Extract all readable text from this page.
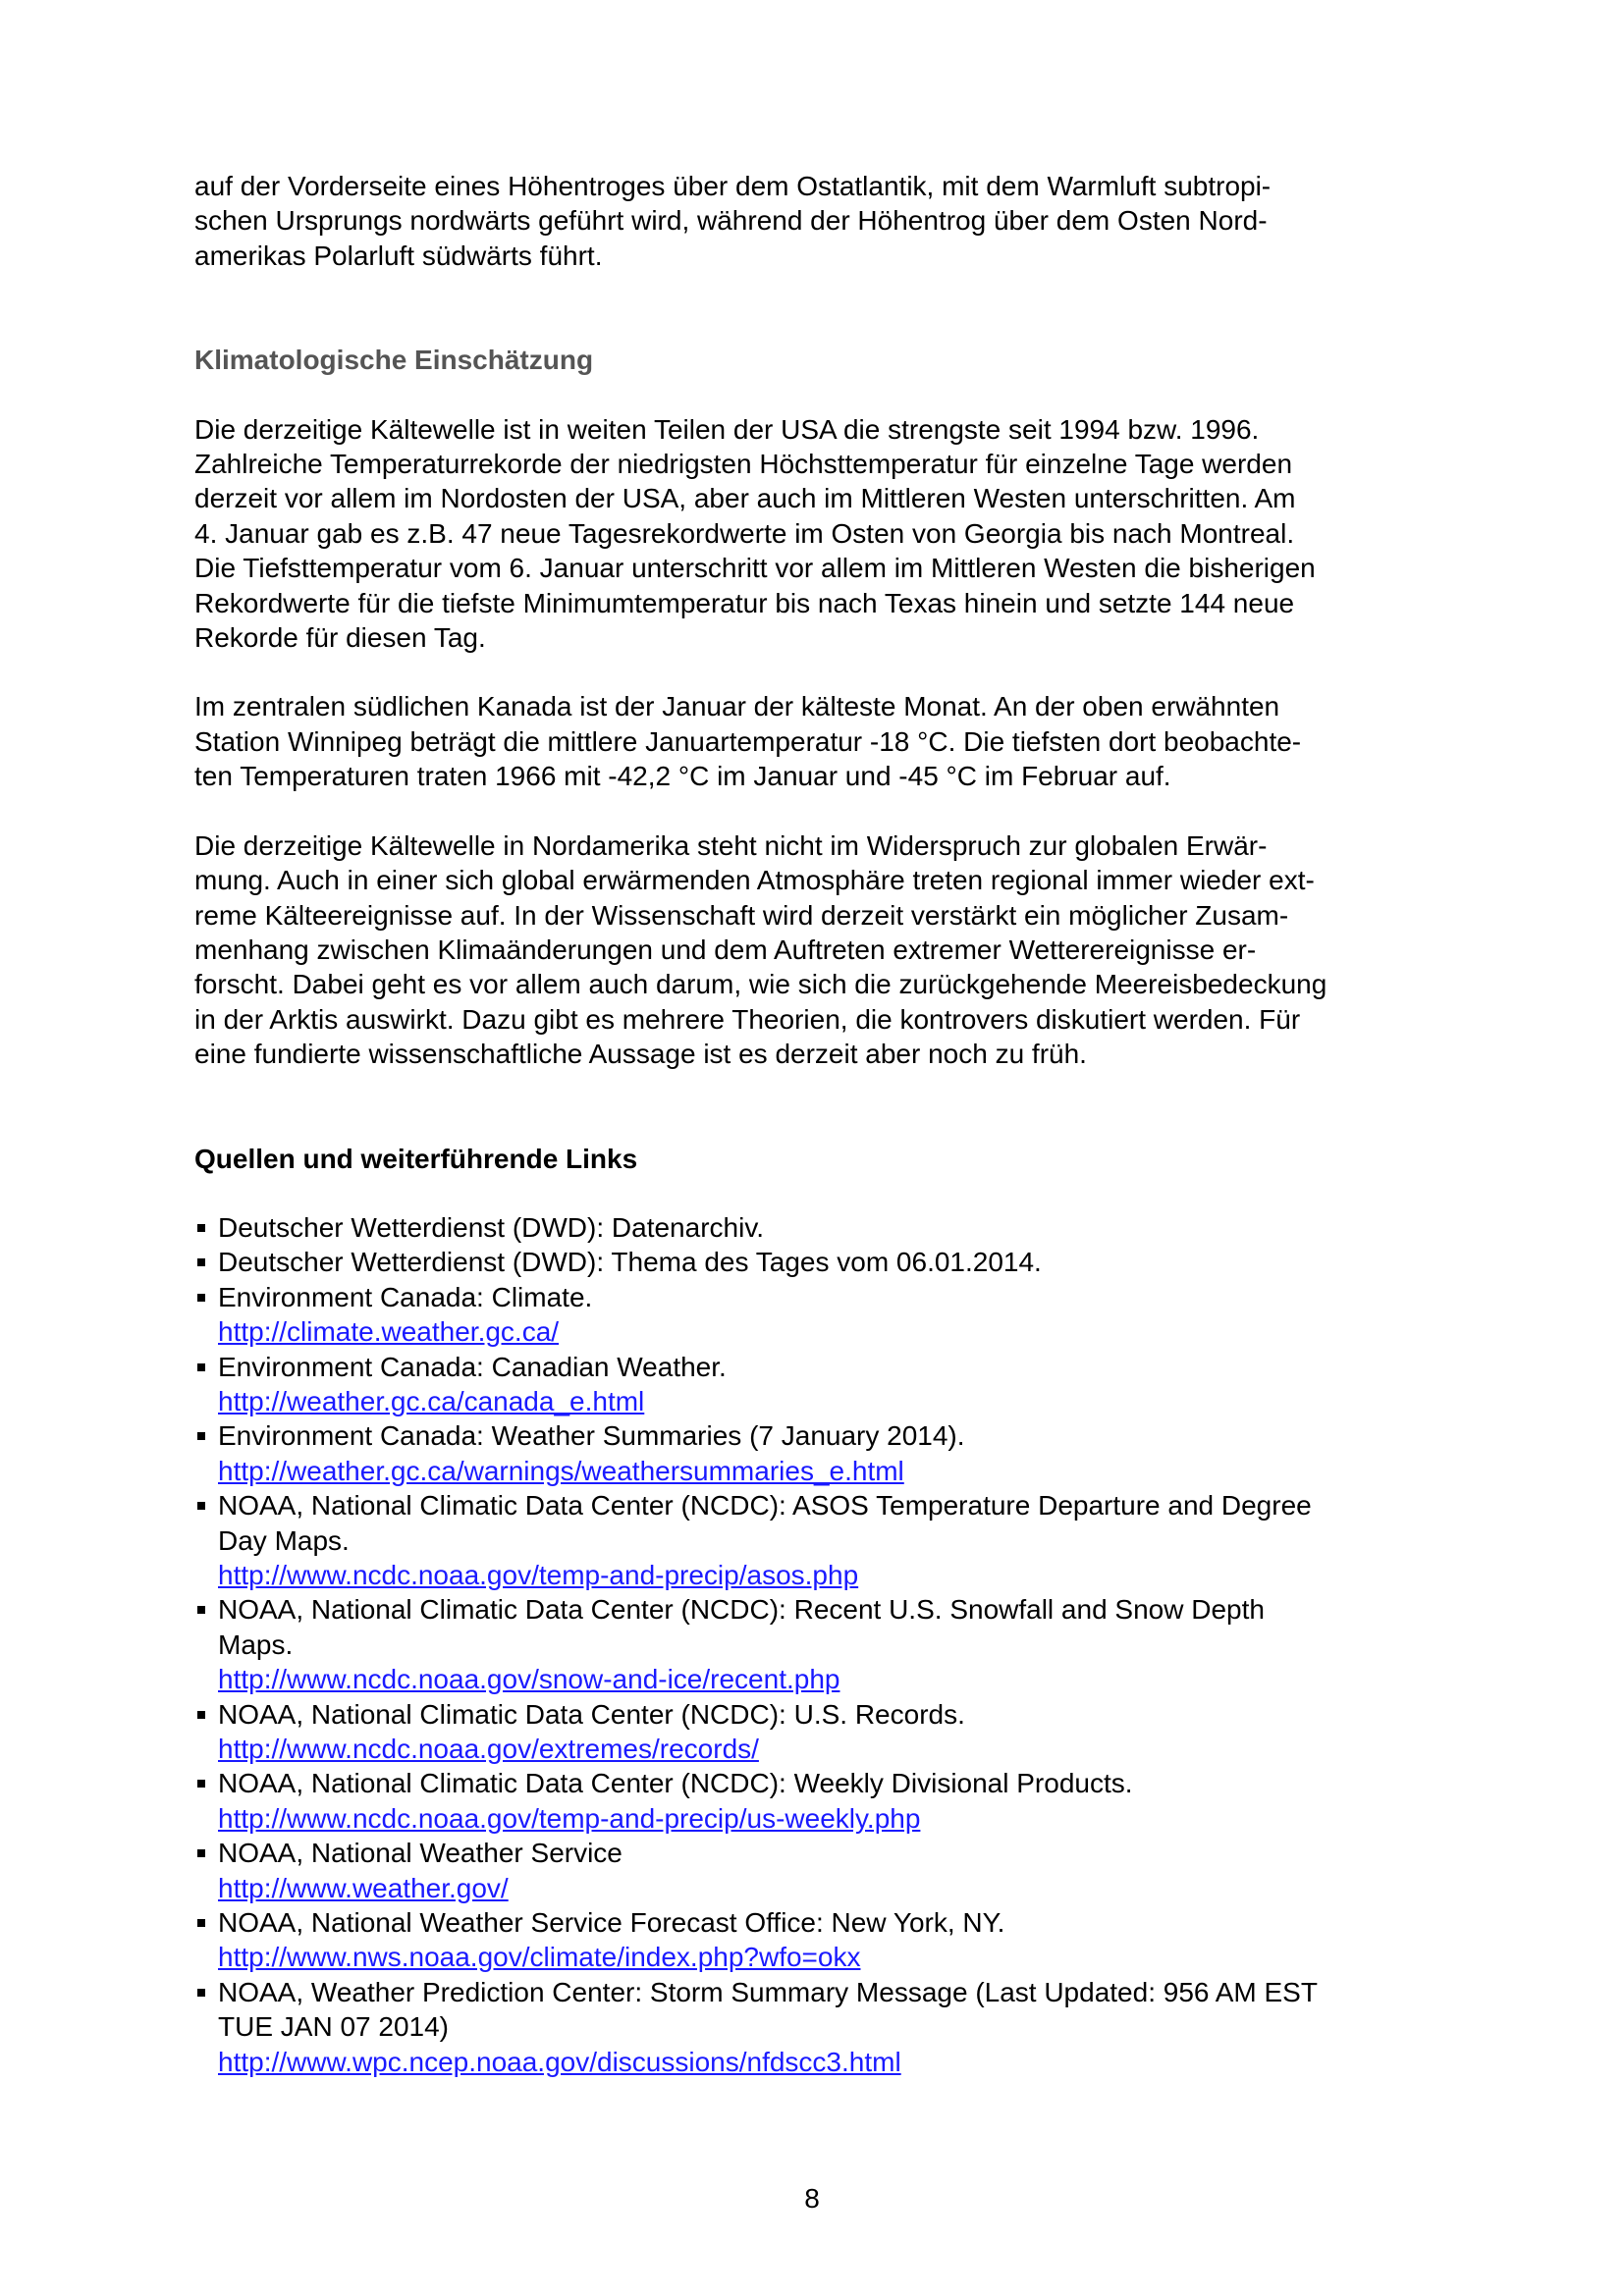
auf der Vorderseite eines Höhentroges über dem Ostatlantik, mit dem Warmluft subtropi-
schen Ursprungs nordwärts geführt wird, während der Höhentrog über dem Osten Nord-
amerikas Polarluft südwärts führt.

Klimatologische Einschätzung

Die derzeitige Kältewelle ist in weiten Teilen der USA die strengste seit 1994 bzw. 1996.
Zahlreiche Temperaturrekorde der niedrigsten Höchsttemperatur für einzelne Tage werden
derzeit vor allem im Nordosten der USA, aber auch im Mittleren Westen unterschritten. Am
4. Januar gab es z.B. 47 neue Tagesrekordwerte im Osten von Georgia bis nach Montreal.
Die Tiefsttemperatur vom 6. Januar unterschritt vor allem im Mittleren Westen die bisherigen
Rekordwerte für die tiefste Minimumtemperatur bis nach Texas hinein und setzte 144 neue
Rekorde für diesen Tag.

Im zentralen südlichen Kanada ist der Januar der kälteste Monat. An der oben erwähnten
Station Winnipeg beträgt die mittlere Januartemperatur -18 °C. Die tiefsten dort beobachte-
ten Temperaturen traten 1966 mit -42,2 °C im Januar und -45 °C im Februar auf.

Die derzeitige Kältewelle in Nordamerika steht nicht im Widerspruch zur globalen Erwär-
mung. Auch in einer sich global erwärmenden Atmosphäre treten regional immer wieder ext-
reme Kälteereignisse auf. In der Wissenschaft wird derzeit verstärkt ein möglicher Zusam-
menhang zwischen Klimaänderungen und dem Auftreten extremer Wetterereignisse er-
forscht. Dabei geht es vor allem auch darum, wie sich die zurückgehende Meereisbedeckung
in der Arktis auswirkt. Dazu gibt es mehrere Theorien, die kontrovers diskutiert werden. Für
eine fundierte wissenschaftliche Aussage ist es derzeit aber noch zu früh.

Quellen und weiterführende Links
Deutscher Wetterdienst (DWD): Datenarchiv.
Deutscher Wetterdienst (DWD): Thema des Tages vom 06.01.2014.
Environment Canada: Climate.
http://climate.weather.gc.ca/
Environment Canada: Canadian Weather.
http://weather.gc.ca/canada_e.html
Environment Canada: Weather Summaries (7 January 2014).
http://weather.gc.ca/warnings/weathersummaries_e.html
NOAA, National Climatic Data Center (NCDC): ASOS Temperature Departure and Degree
Day Maps.
http://www.ncdc.noaa.gov/temp-and-precip/asos.php
NOAA, National Climatic Data Center (NCDC): Recent U.S. Snowfall and Snow Depth
Maps.
http://www.ncdc.noaa.gov/snow-and-ice/recent.php
NOAA, National Climatic Data Center (NCDC): U.S. Records.
http://www.ncdc.noaa.gov/extremes/records/
NOAA, National Climatic Data Center (NCDC): Weekly Divisional Products.
http://www.ncdc.noaa.gov/temp-and-precip/us-weekly.php
NOAA, National Weather Service
http://www.weather.gov/
NOAA, National Weather Service Forecast Office: New York, NY.
http://www.nws.noaa.gov/climate/index.php?wfo=okx
NOAA, Weather Prediction Center: Storm Summary Message (Last Updated: 956 AM EST
TUE JAN 07 2014)
http://www.wpc.ncep.noaa.gov/discussions/nfdscc3.html
8
